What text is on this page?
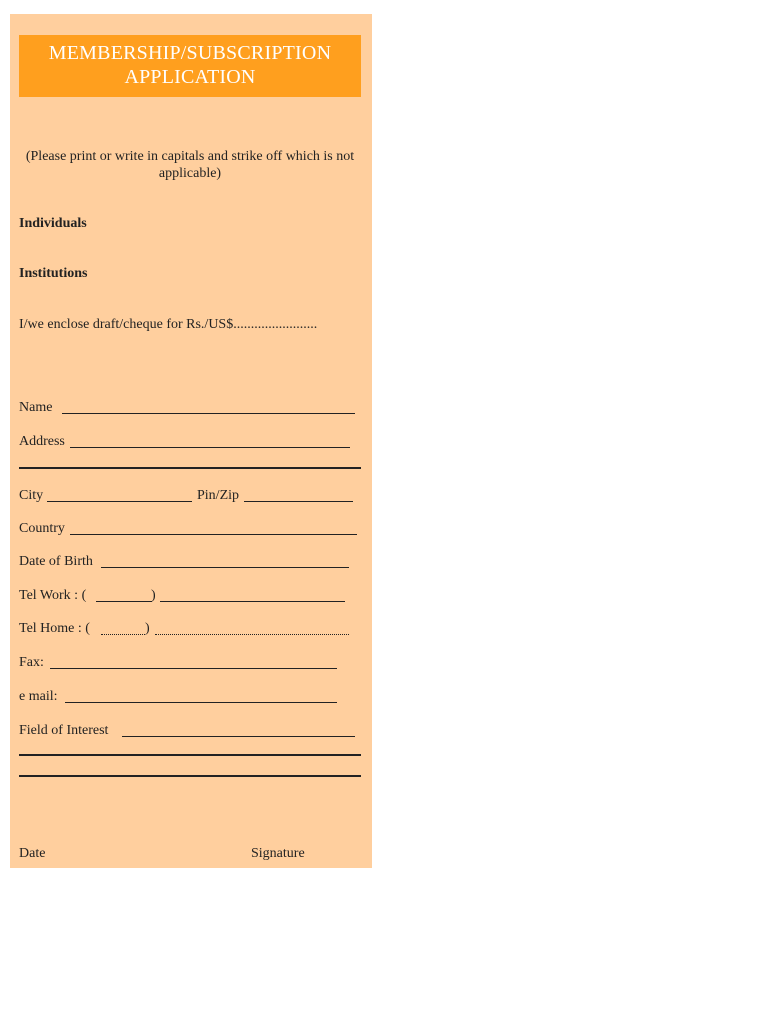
MEMBERSHIP/SUBSCRIPTION
APPLICATION
(Please print or write in capitals and strike off which is not applicable)
Individuals
Institutions
I/we enclose draft/cheque for Rs./US$........................
Name
Address
City	Pin/Zip
Country
Date of Birth
Tel Work : (	)
Tel Home : (	)
Fax:
e mail:
Field of Interest
Date	Signature
